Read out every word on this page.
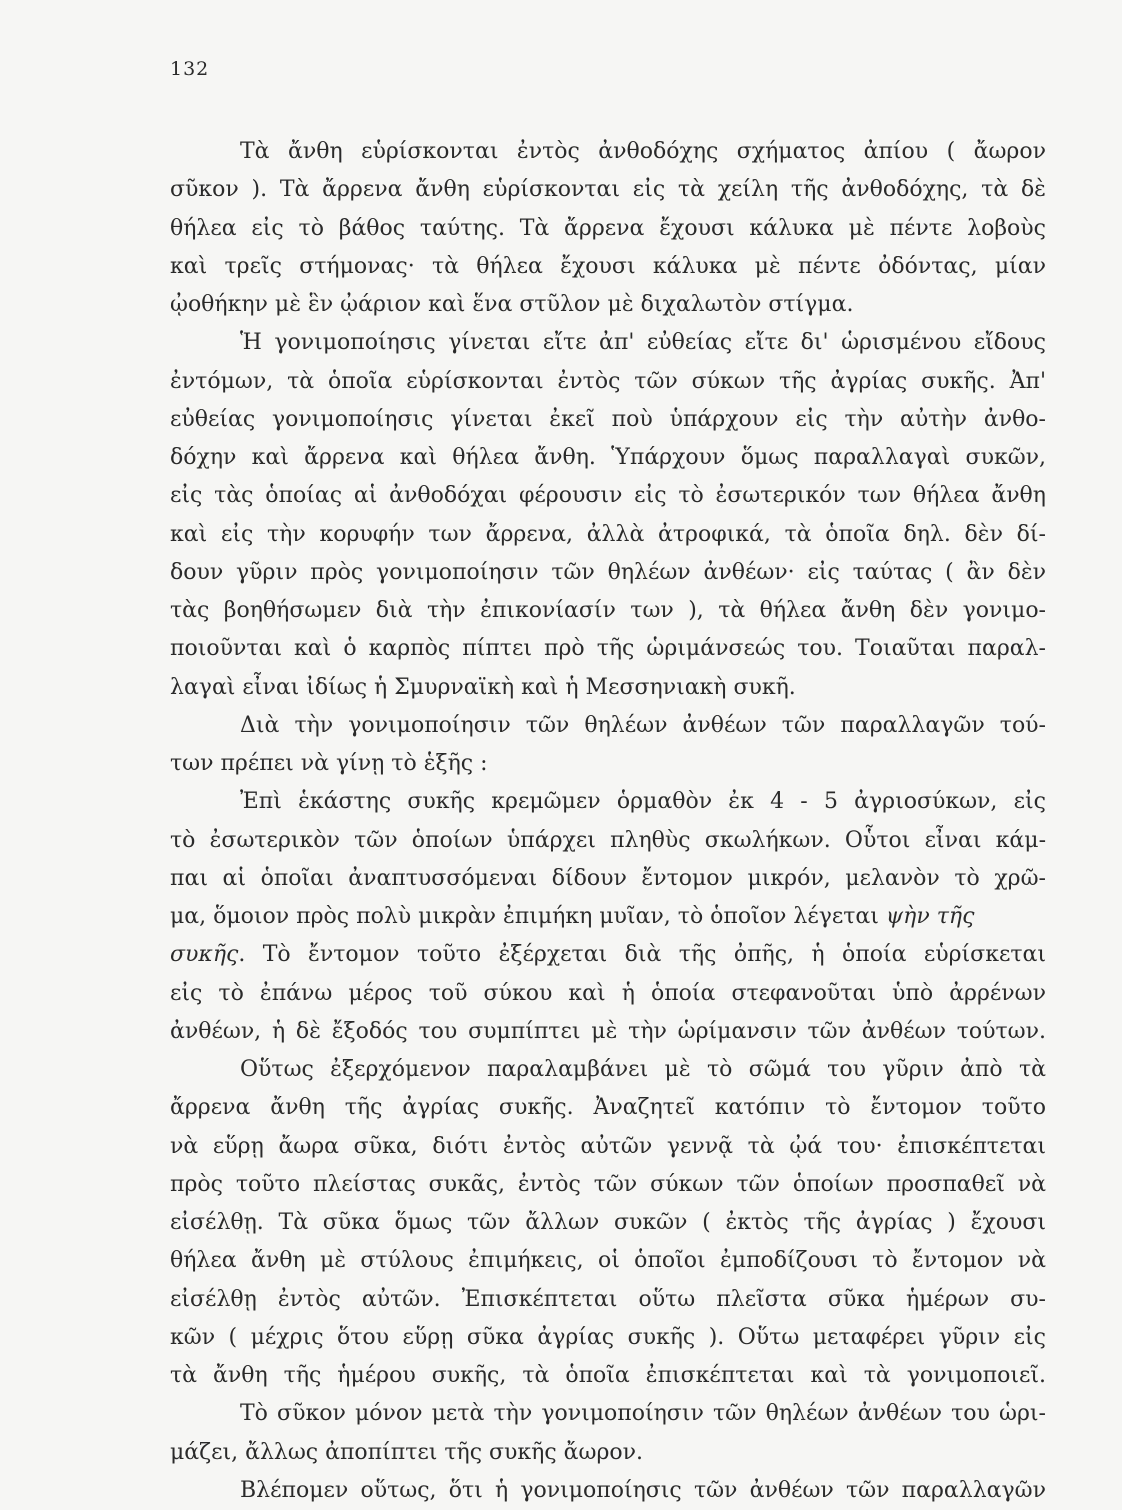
132
Τὰ ἄνθη εὑρίσκονται ἐντὸς ἀνθοδόχης σχήματος ἀπίου ( ἄωρον
σῦκον ). Τὰ ἄρρενα ἄνθη εὑρίσκονται εἰς τὰ χείλη τῆς ἀνθοδόχης, τὰ δὲ
θήλεα εἰς τὸ βάθος ταύτης. Τὰ ἄρρενα ἔχουσι κάλυκα μὲ πέντε λοβοὺς
καὶ τρεῖς στήμονας· τὰ θήλεα ἔχουσι κάλυκα μὲ πέντε ὀδόντας, μίαν
ᾠοθήκην μὲ ἓν ᾠάριον καὶ ἕνα στῦλον μὲ διχαλωτὸν στίγμα.
Ἡ γονιμοποίησις γίνεται εἴτε ἀπ' εὐθείας εἴτε δι' ὡρισμένου εἴδους
ἐντόμων, τὰ ὁποῖα εὑρίσκονται ἐντὸς τῶν σύκων τῆς ἀγρίας συκῆς. Ἀπ'
εὐθείας γονιμοποίησις γίνεται ἐκεῖ ποὺ ὑπάρχουν εἰς τὴν αὐτὴν ἀνθο-
δόχην καὶ ἄρρενα καὶ θήλεα ἄνθη. Ὑπάρχουν ὅμως παραλλαγαὶ συκῶν,
εἰς τὰς ὁποίας αἱ ἀνθοδόχαι φέρουσιν εἰς τὸ ἐσωτερικόν των θήλεα ἄνθη
καὶ εἰς τὴν κορυφήν των ἄρρενα, ἀλλὰ ἀτροφικά, τὰ ὁποῖα δηλ. δὲν δί-
δουν γῦριν πρὸς γονιμοποίησιν τῶν θηλέων ἀνθέων· εἰς ταύτας ( ἂν δὲν
τὰς βοηθήσωμεν διὰ τὴν ἐπικονίασίν των ), τὰ θήλεα ἄνθη δὲν γονιμο-
ποιοῦνται καὶ ὁ καρπὸς πίπτει πρὸ τῆς ὡριμάνσεώς του. Τοιαῦται παραλ-
λαγαὶ εἶναι ἰδίως ἡ Σμυρναϊκὴ καὶ ἡ Μεσσηνιακὴ συκῆ.
Διὰ τὴν γονιμοποίησιν τῶν θηλέων ἀνθέων τῶν παραλλαγῶν τού-
των πρέπει νὰ γίνῃ τὸ ἑξῆς :
Ἐπὶ ἑκάστης συκῆς κρεμῶμεν ὁρμαθὸν ἐκ 4 - 5 ἀγριοσύκων, εἰς
τὸ ἐσωτερικὸν τῶν ὁποίων ὑπάρχει πληθὺς σκωλήκων. Οὗτοι εἶναι κάμ-
παι αἱ ὁποῖαι ἀναπτυσσόμεναι δίδουν ἔντομον μικρόν, μελανὸν τὸ χρῶ-
μα, ὅμοιον πρὸς πολὺ μικρὰν ἐπιμήκη μυῖαν, τὸ ὁποῖον λέγεται ψὴν τῆς
συκῆς. Τὸ ἔντομον τοῦτο ἐξέρχεται διὰ τῆς ὀπῆς, ἡ ὁποία εὑρίσκεται
εἰς τὸ ἐπάνω μέρος τοῦ σύκου καὶ ἡ ὁποία στεφανοῦται ὑπὸ ἀρρένων
ἀνθέων, ἡ δὲ ἔξοδός του συμπίπτει μὲ τὴν ὡρίμανσιν τῶν ἀνθέων τούτων.
Οὕτως ἐξερχόμενον παραλαμβάνει μὲ τὸ σῶμά του γῦριν ἀπὸ τὰ
ἄρρενα ἄνθη τῆς ἀγρίας συκῆς. Ἀναζητεῖ κατόπιν τὸ ἔντομον τοῦτο
νὰ εὕρῃ ἄωρα σῦκα, διότι ἐντὸς αὐτῶν γεννᾷ τὰ ᾠά του· ἐπισκέπτεται
πρὸς τοῦτο πλείστας συκᾶς, ἐντὸς τῶν σύκων τῶν ὁποίων προσπαθεῖ νὰ
εἰσέλθῃ. Τὰ σῦκα ὅμως τῶν ἄλλων συκῶν ( ἐκτὸς τῆς ἀγρίας ) ἔχουσι
θήλεα ἄνθη μὲ στύλους ἐπιμήκεις, οἱ ὁποῖοι ἐμποδίζουσι τὸ ἔντομον νὰ
εἰσέλθῃ ἐντὸς αὐτῶν. Ἐπισκέπτεται οὕτω πλεῖστα σῦκα ἡμέρων συ-
κῶν ( μέχρις ὅτου εὕρῃ σῦκα ἀγρίας συκῆς ). Οὕτω μεταφέρει γῦριν εἰς
τὰ ἄνθη τῆς ἡμέρου συκῆς, τὰ ὁποῖα ἐπισκέπτεται καὶ τὰ γονιμοποιεῖ.
Τὸ σῦκον μόνον μετὰ τὴν γονιμοποίησιν τῶν θηλέων ἀνθέων του ὡρι-
μάζει, ἄλλως ἀποπίπτει τῆς συκῆς ἄωρον.
Βλέπομεν οὕτως, ὅτι ἡ γονιμοποίησις τῶν ἀνθέων τῶν παραλλαγῶν
